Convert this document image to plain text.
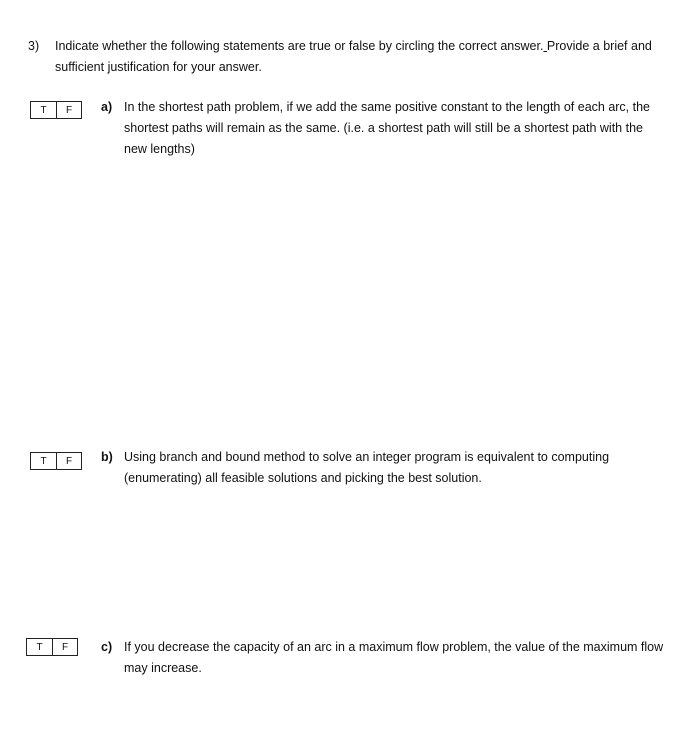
3) Indicate whether the following statements are true or false by circling the correct answer. Provide a brief and sufficient justification for your answer.
T	F	a) In the shortest path problem, if we add the same positive constant to the length of each arc, the shortest paths will remain as the same. (i.e. a shortest path will still be a shortest path with the new lengths)
T	F	b) Using branch and bound method to solve an integer program is equivalent to computing (enumerating) all feasible solutions and picking the best solution.
T	F	c) If you decrease the capacity of an arc in a maximum flow problem, the value of the maximum flow may increase.
